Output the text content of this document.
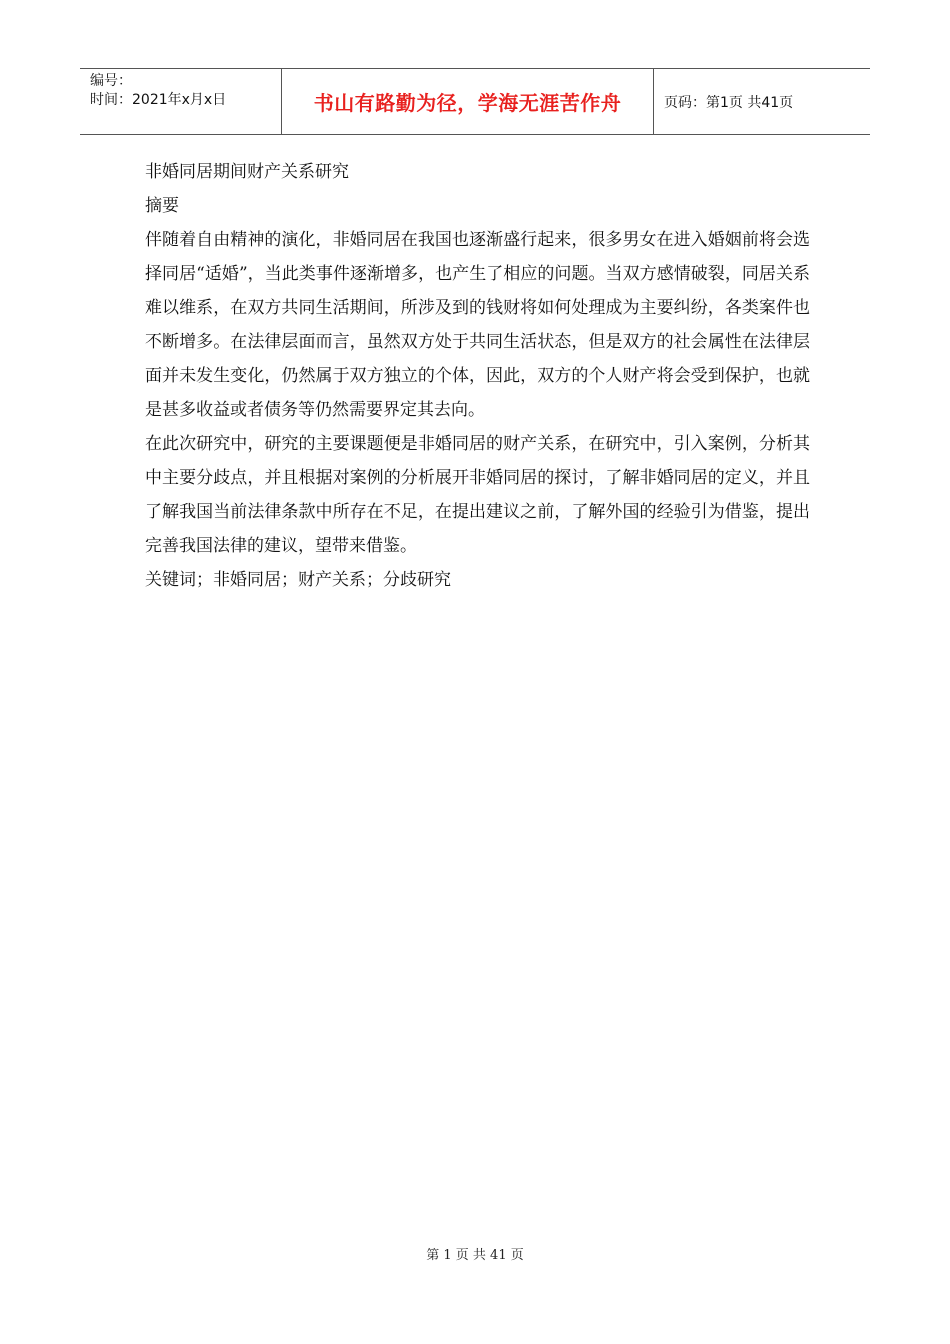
编号：
时间：2021年x月x日	书山有路勤为径，学海无涯苦作舟	页码：第1页 共41页

非婚同居期间财产关系研究

摘要

伴随着自由精神的演化，非婚同居在我国也逐渐盛行起来，很多男女在进入婚姻前将会选择同居“适婚”，当此类事件逐渐增多，也产生了相应的问题。当双方感情破裂，同居关系难以维系，在双方共同生活期间，所涉及到的钱财将如何处理成为主要纠纷，各类案件也不断增多。在法律层面而言，虽然双方处于共同生活状态，但是双方的社会属性在法律层面并未发生变化，仍然属于双方独立的个体，因此，双方的个人财产将会受到保护，也就是甚多收益或者债务等仍然需要界定其去向。

在此次研究中，研究的主要课题便是非婚同居的财产关系，在研究中，引入案例，分析其中主要分歧点，并且根据对案例的分析展开非婚同居的探讨，了解非婚同居的定义，并且了解我国当前法律条款中所存在不足，在提出建议之前，了解外国的经验引为借鉴，提出完善我国法律的建议，望带来借鉴。

关键词；非婚同居；财产关系；分歧研究

第 1 页 共 41 页
